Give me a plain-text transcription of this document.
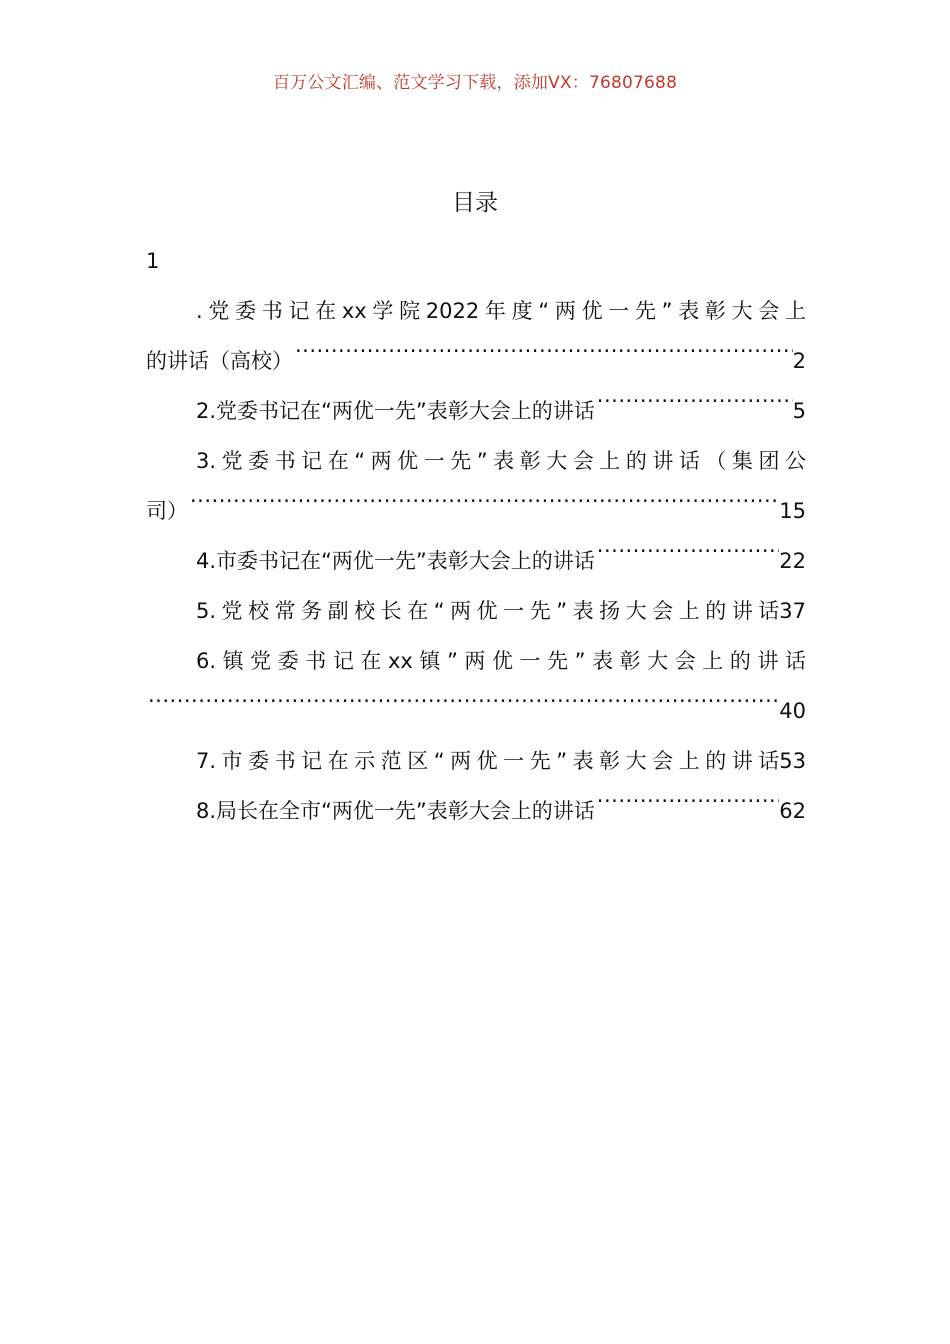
百万公文汇编、范文学习下载，添加VX：76807688
目录
1
.党委书记在xx学院2022年度“两优一先”表彰大会上
的讲话（高校） .....	2
2.党委书记在“两优一先”表彰大会上的讲话 .....	5
3.党委书记在“两优一先”表彰大会上的讲话（集团公
司） .....	15
4.市委书记在“两优一先”表彰大会上的讲话 .....	22
5.党校常务副校长在“两优一先”表扬大会上的讲话 37
6.镇党委书记在xx镇”两优一先”表彰大会上的讲话
.....
40
7.市委书记在示范区“两优一先”表彰大会上的讲话 53
8.局长在全市“两优一先”表彰大会上的讲话 .....	62
